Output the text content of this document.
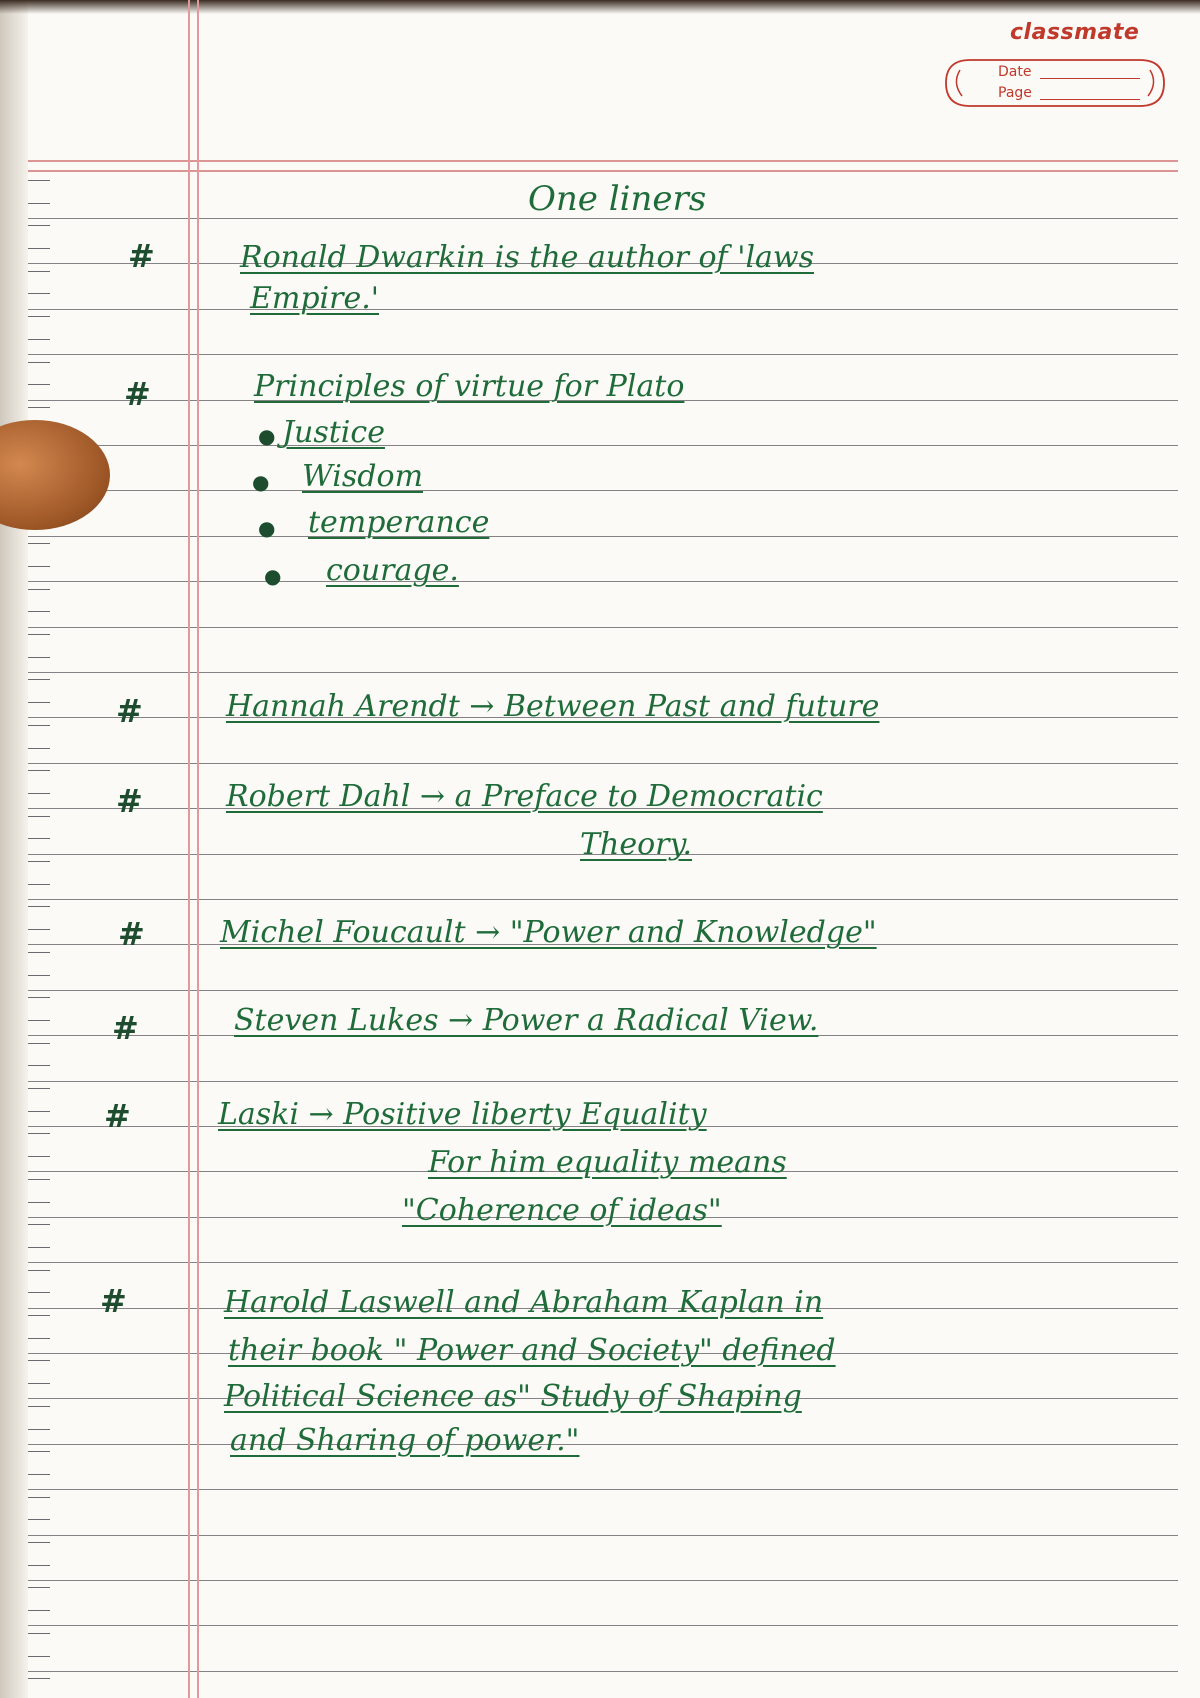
classmate
Date
Page
One liners
#	Ronald Dwarkin is the author of 'laws
Empire.'
#	Principles of virtue for Plato
● Justice
● Wisdom
● temperance
● courage.
#	Hannah Arendt → Between Past and future
#	Robert Dahl → a Preface to Democratic
Theory.
#	Michel Foucault → "Power and Knowledge"
#	Steven Lukes → Power a Radical View.
#	Laski → Positive liberty Equality
For him equality means
"Coherence of ideas"
#	Harold Laswell and Abraham Kaplan in
their book " Power and Society" defined
Political Science as" Study of Shaping
and Sharing of power."
